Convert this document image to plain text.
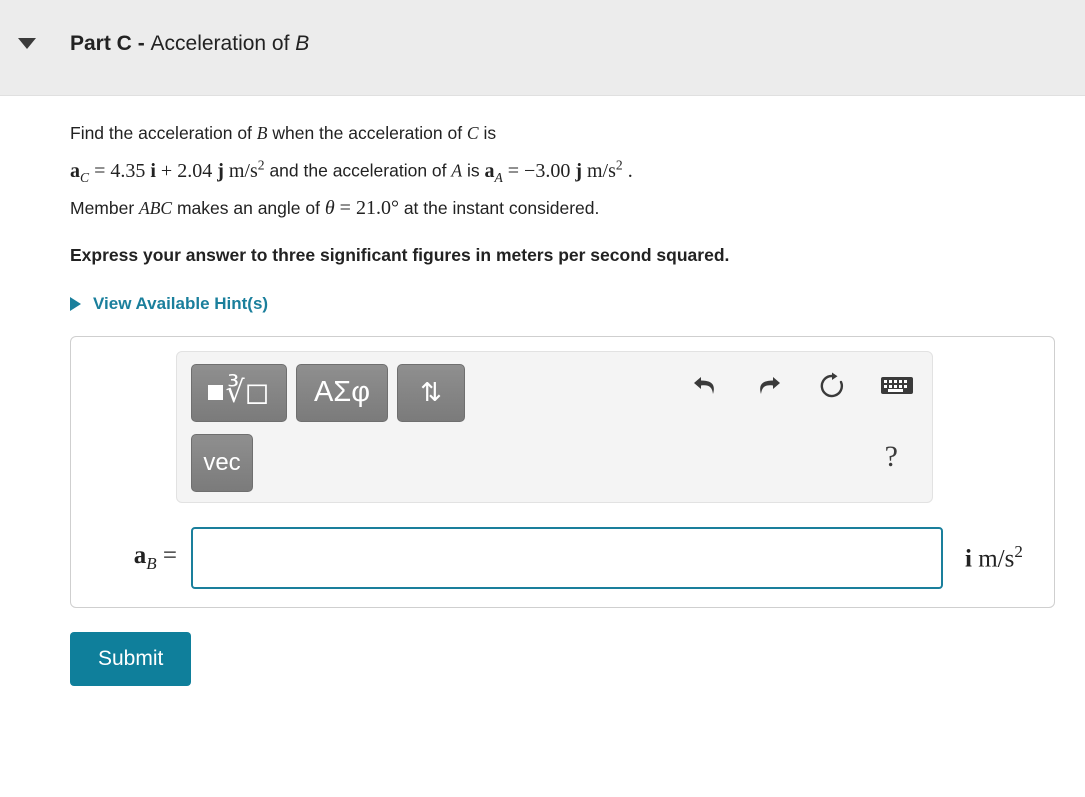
Part C - Acceleration of B
Find the acceleration of B when the acceleration of C is
$a_C = 4.35$ i + 2.04 j $m/s^2$ and the acceleration of A is $a_A = -3.00$ j $m/s^2$ .
Member ABC makes an angle of θ = 21.0° at the instant considered.
Express your answer to three significant figures in meters per second squared.
View Available Hint(s)
∛◻ ΑΣφ ⇅
vec	?
$a_B$ =	i $m/s^2$
Submit
